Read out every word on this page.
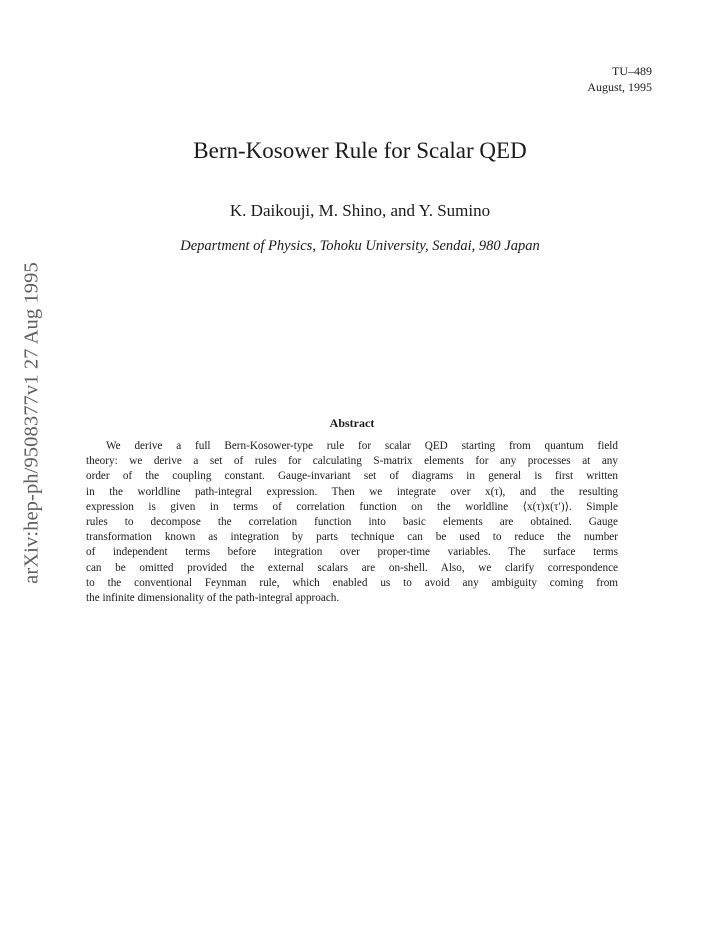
TU–489
August, 1995
arXiv:hep-ph/9508377v1 27 Aug 1995
Bern-Kosower Rule for Scalar QED
K. Daikouji, M. Shino, and Y. Sumino
Department of Physics, Tohoku University, Sendai, 980 Japan
Abstract
We derive a full Bern-Kosower-type rule for scalar QED starting from quantum field
theory: we derive a set of rules for calculating S-matrix elements for any processes at any
order of the coupling constant. Gauge-invariant set of diagrams in general is first written
in the worldline path-integral expression. Then we integrate over x(τ), and the resulting
expression is given in terms of correlation function on the worldline ⟨x(τ)x(τ′)⟩. Simple
rules to decompose the correlation function into basic elements are obtained. Gauge
transformation known as integration by parts technique can be used to reduce the number
of independent terms before integration over proper-time variables. The surface terms
can be omitted provided the external scalars are on-shell. Also, we clarify correspondence
to the conventional Feynman rule, which enabled us to avoid any ambiguity coming from
the infinite dimensionality of the path-integral approach.
